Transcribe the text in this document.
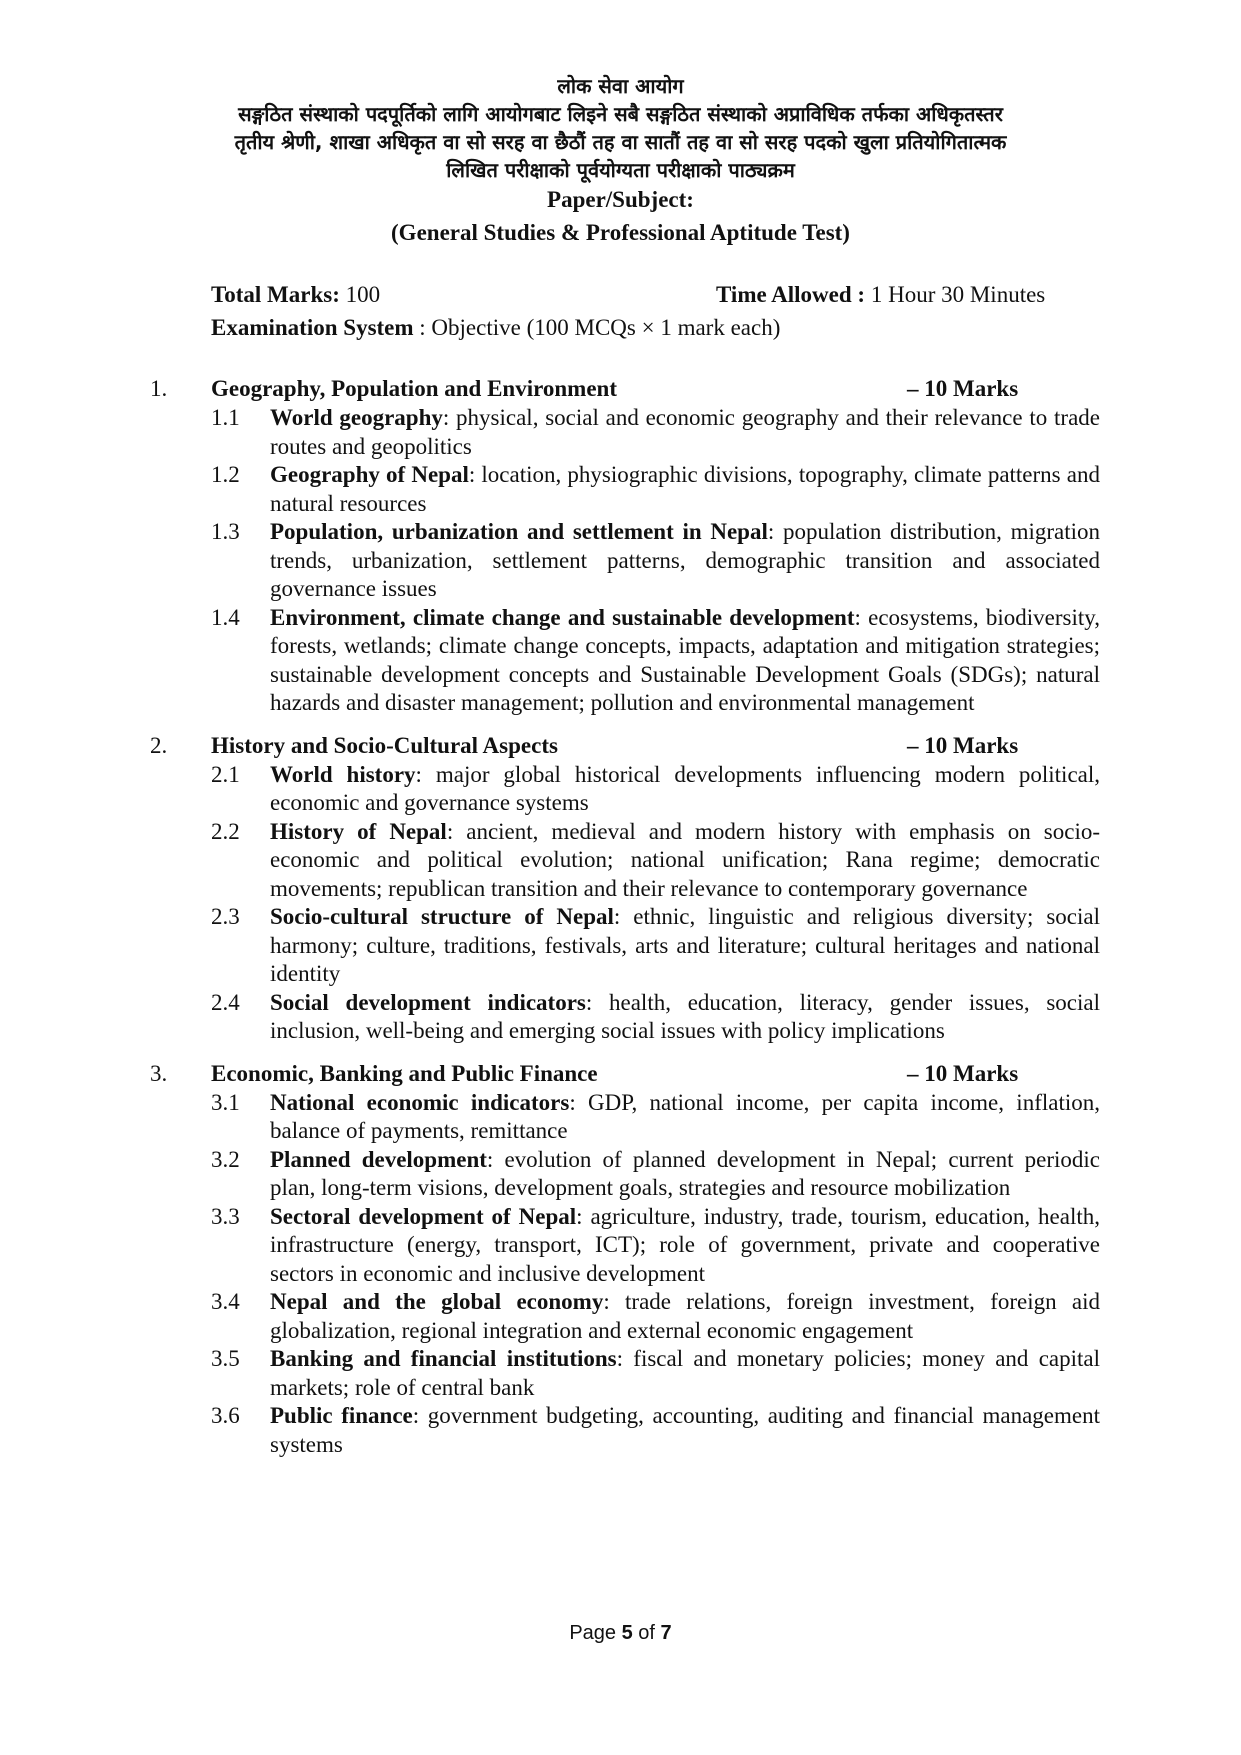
लोक सेवा आयोग
सङ्गठित संस्थाको पदपूर्तिको लागि आयोगबाट लिइने सबै सङ्गठित संस्थाको अप्राविधिक तर्फका अधिकृतस्तर
तृतीय श्रेणी, शाखा अधिकृत वा सो सरह वा छैठौं तह वा सातौं तह वा सो सरह पदको खुला प्रतियोगितात्मक
लिखित परीक्षाको पूर्वयोग्यता परीक्षाको पाठ्यक्रम
Paper/Subject:
(General Studies & Professional Aptitude Test)
Total Marks: 100	Time Allowed : 1 Hour 30 Minutes
Examination System : Objective (100 MCQs × 1 mark each)
1. Geography, Population and Environment	– 10 Marks
1.1 World geography: physical, social and economic geography and their relevance to trade routes and geopolitics
1.2 Geography of Nepal: location, physiographic divisions, topography, climate patterns and natural resources
1.3 Population, urbanization and settlement in Nepal: population distribution, migration trends, urbanization, settlement patterns, demographic transition and associated governance issues
1.4 Environment, climate change and sustainable development: ecosystems, biodiversity, forests, wetlands; climate change concepts, impacts, adaptation and mitigation strategies; sustainable development concepts and Sustainable Development Goals (SDGs); natural hazards and disaster management; pollution and environmental management
2. History and Socio-Cultural Aspects	– 10 Marks
2.1 World history: major global historical developments influencing modern political, economic and governance systems
2.2 History of Nepal: ancient, medieval and modern history with emphasis on socio-economic and political evolution; national unification; Rana regime; democratic movements; republican transition and their relevance to contemporary governance
2.3 Socio-cultural structure of Nepal: ethnic, linguistic and religious diversity; social harmony; culture, traditions, festivals, arts and literature; cultural heritages and national identity
2.4 Social development indicators: health, education, literacy, gender issues, social inclusion, well-being and emerging social issues with policy implications
3. Economic, Banking and Public Finance	– 10 Marks
3.1 National economic indicators: GDP, national income, per capita income, inflation, balance of payments, remittance
3.2 Planned development: evolution of planned development in Nepal; current periodic plan, long-term visions, development goals, strategies and resource mobilization
3.3 Sectoral development of Nepal: agriculture, industry, trade, tourism, education, health, infrastructure (energy, transport, ICT); role of government, private and cooperative sectors in economic and inclusive development
3.4 Nepal and the global economy: trade relations, foreign investment, foreign aid globalization, regional integration and external economic engagement
3.5 Banking and financial institutions: fiscal and monetary policies; money and capital markets; role of central bank
3.6 Public finance: government budgeting, accounting, auditing and financial management systems
Page 5 of 7
